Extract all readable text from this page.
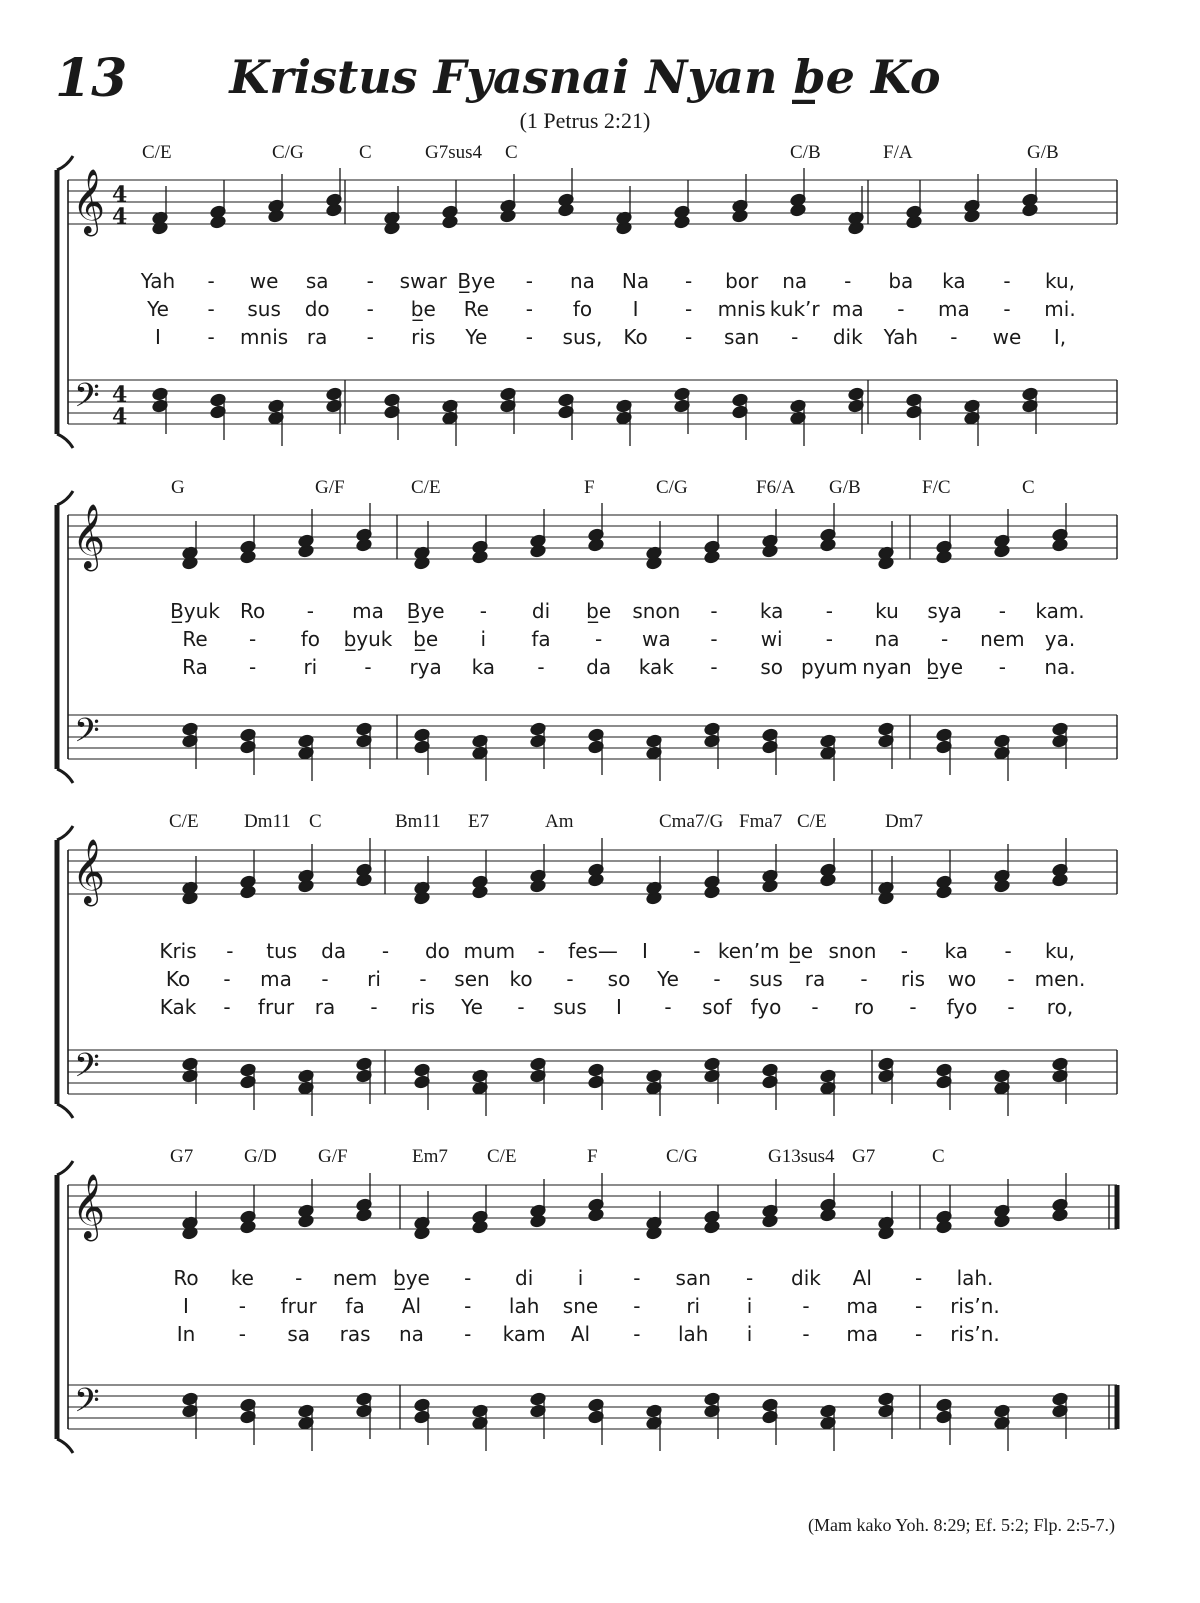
13	Kristus Fyasnai Nyan b̲e Ko
(1 Petrus 2:21)
𝄞
𝄢
4
4
4
4
𝄞
𝄢
𝄞
𝄢
𝄞
𝄢
C/E	C/G	C	G7sus4 C	C/B	F/A	G/B
Yah - we sa - swar B̲ye - na Na - bor na - ba ka - ku,
Ye - sus do - b̲e Re - fo I - mnis kuk’r ma - ma - mi.
I - mnis ra - ris Ye - sus, Ko - san - dik Yah - we I,
G	G/F	C/E	F	C/G	F6/A G/B	F/C	C
B̲yuk Ro - ma B̲ye - di b̲e snon - ka - ku sya - kam.
Re - fo b̲yuk b̲e i fa - wa - wi - na - nem ya.
Ra - ri - rya ka - da kak - so pyum nyan b̲ye - na.
C/E Dm11 C	Bm11 E7	Am	Cma7/G Fma7 C/E	Dm7
Kris - tus da - do mum - fes— I - ken’m b̲e snon - ka - ku,
Ko - ma - ri - sen ko - so Ye - sus ra - ris wo - men.
Kak - frur ra - ris Ye - sus I - sof fyo - ro - fyo - ro,
G7	G/D G/F	Em7 C/E	F	C/G	G13sus4 G7	C
Ro ke - nem b̲ye - di i - san - dik Al - lah.
I - frur fa Al - lah sne - ri i - ma - ris’n.
In - sa ras na - kam Al - lah i - ma - ris’n.
(Mam kako Yoh. 8:29; Ef. 5:2; Flp. 2:5-7.)
